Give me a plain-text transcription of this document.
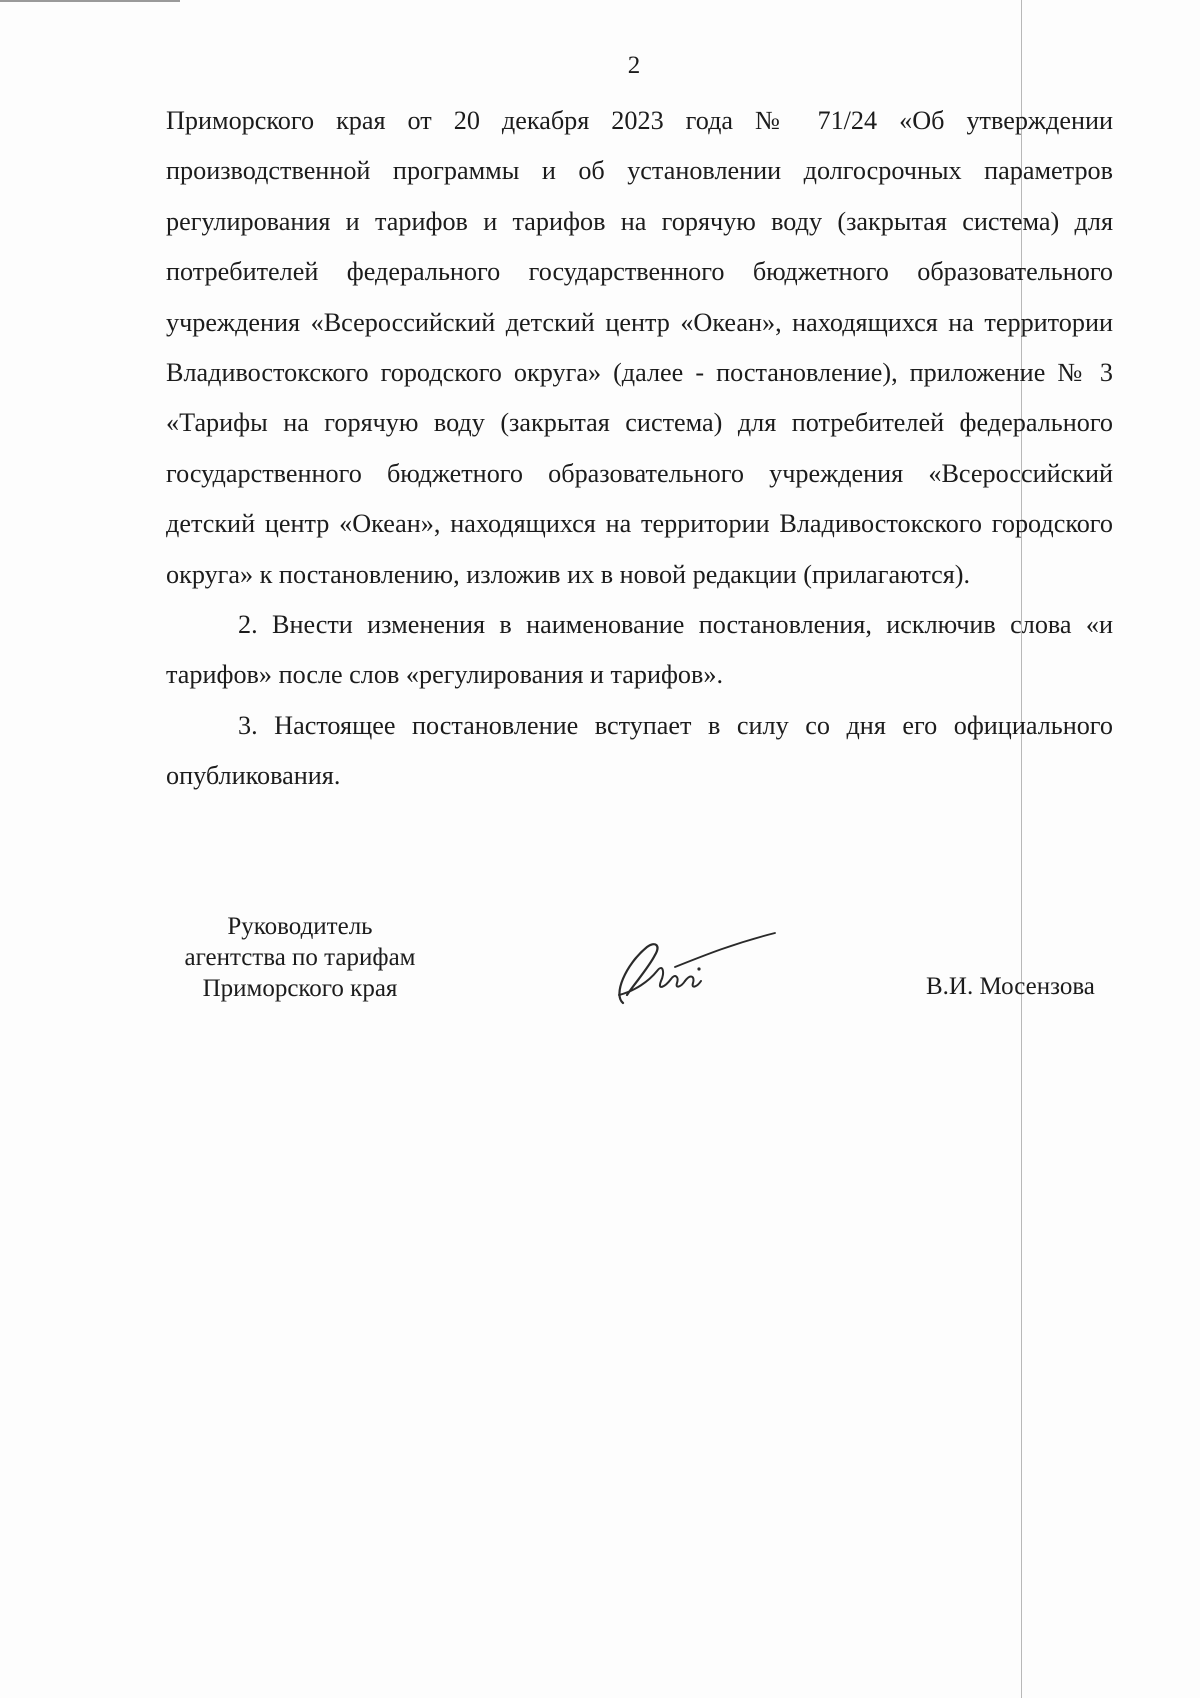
2

Приморского края от 20 декабря 2023 года № 71/24 «Об утверждении производственной программы и об установлении долгосрочных параметров регулирования и тарифов и тарифов на горячую воду (закрытая система) для потребителей федерального государственного бюджетного образовательного учреждения «Всероссийский детский центр «Океан», находящихся на территории Владивостокского городского округа» (далее - постановление), приложение № 3 «Тарифы на горячую воду (закрытая система) для потребителей федерального государственного бюджетного образовательного учреждения «Всероссийский детский центр «Океан», находящихся на территории Владивостокского городского округа» к постановлению, изложив их в новой редакции (прилагаются).

2. Внести изменения в наименование постановления, исключив слова «и тарифов» после слов «регулирования и тарифов».

3. Настоящее постановление вступает в силу со дня его официального опубликования.

Руководитель
агентства по тарифам
Приморского края	В.И. Мосензова
